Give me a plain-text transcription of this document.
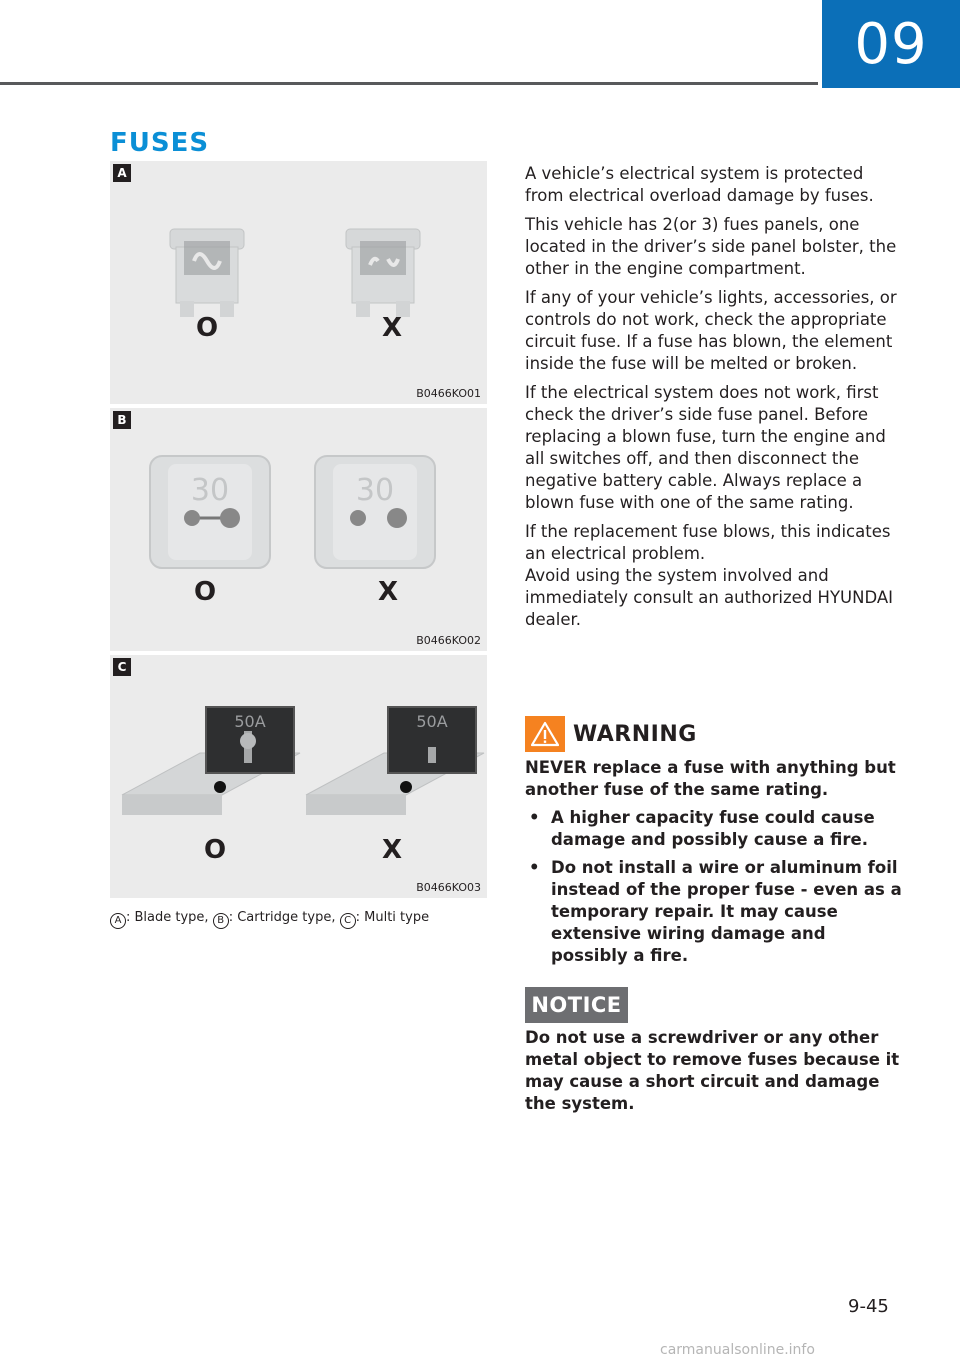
09
FUSES
O	X
A
B0466KO01
30	30
O	X
B
B0466KO02
50A	50A
O	X
C
B0466KO03
A : Blade type, B : Cartridge type, C : Multi type

A vehicle’s electrical system is protected from electrical overload damage by fuses.

This vehicle has 2(or 3) fues panels, one located in the driver’s side panel bolster, the other in the engine compartment.

If any of your vehicle’s lights, accessories, or controls do not work, check the appropriate circuit fuse. If a fuse has blown, the element inside the fuse will be melted or broken.

If the electrical system does not work, first check the driver’s side fuse panel. Before replacing a blown fuse, turn the engine and all switches off, and then disconnect the negative battery cable. Always replace a blown fuse with one of the same rating.

If the replacement fuse blows, this indicates an electrical problem.

Avoid using the system involved and immediately consult an authorized HYUNDAI dealer.

WARNING

NEVER replace a fuse with anything but another fuse of the same rating.

• A higher capacity fuse could cause damage and possibly cause a fire.
• Do not install a wire or aluminum foil instead of the proper fuse - even as a temporary repair. It may cause extensive wiring damage and possibly a fire.
NOTICE
Do not use a screwdriver or any other metal object to remove fuses because it may cause a short circuit and damage the system.
9-45
carmanualsonline.info
